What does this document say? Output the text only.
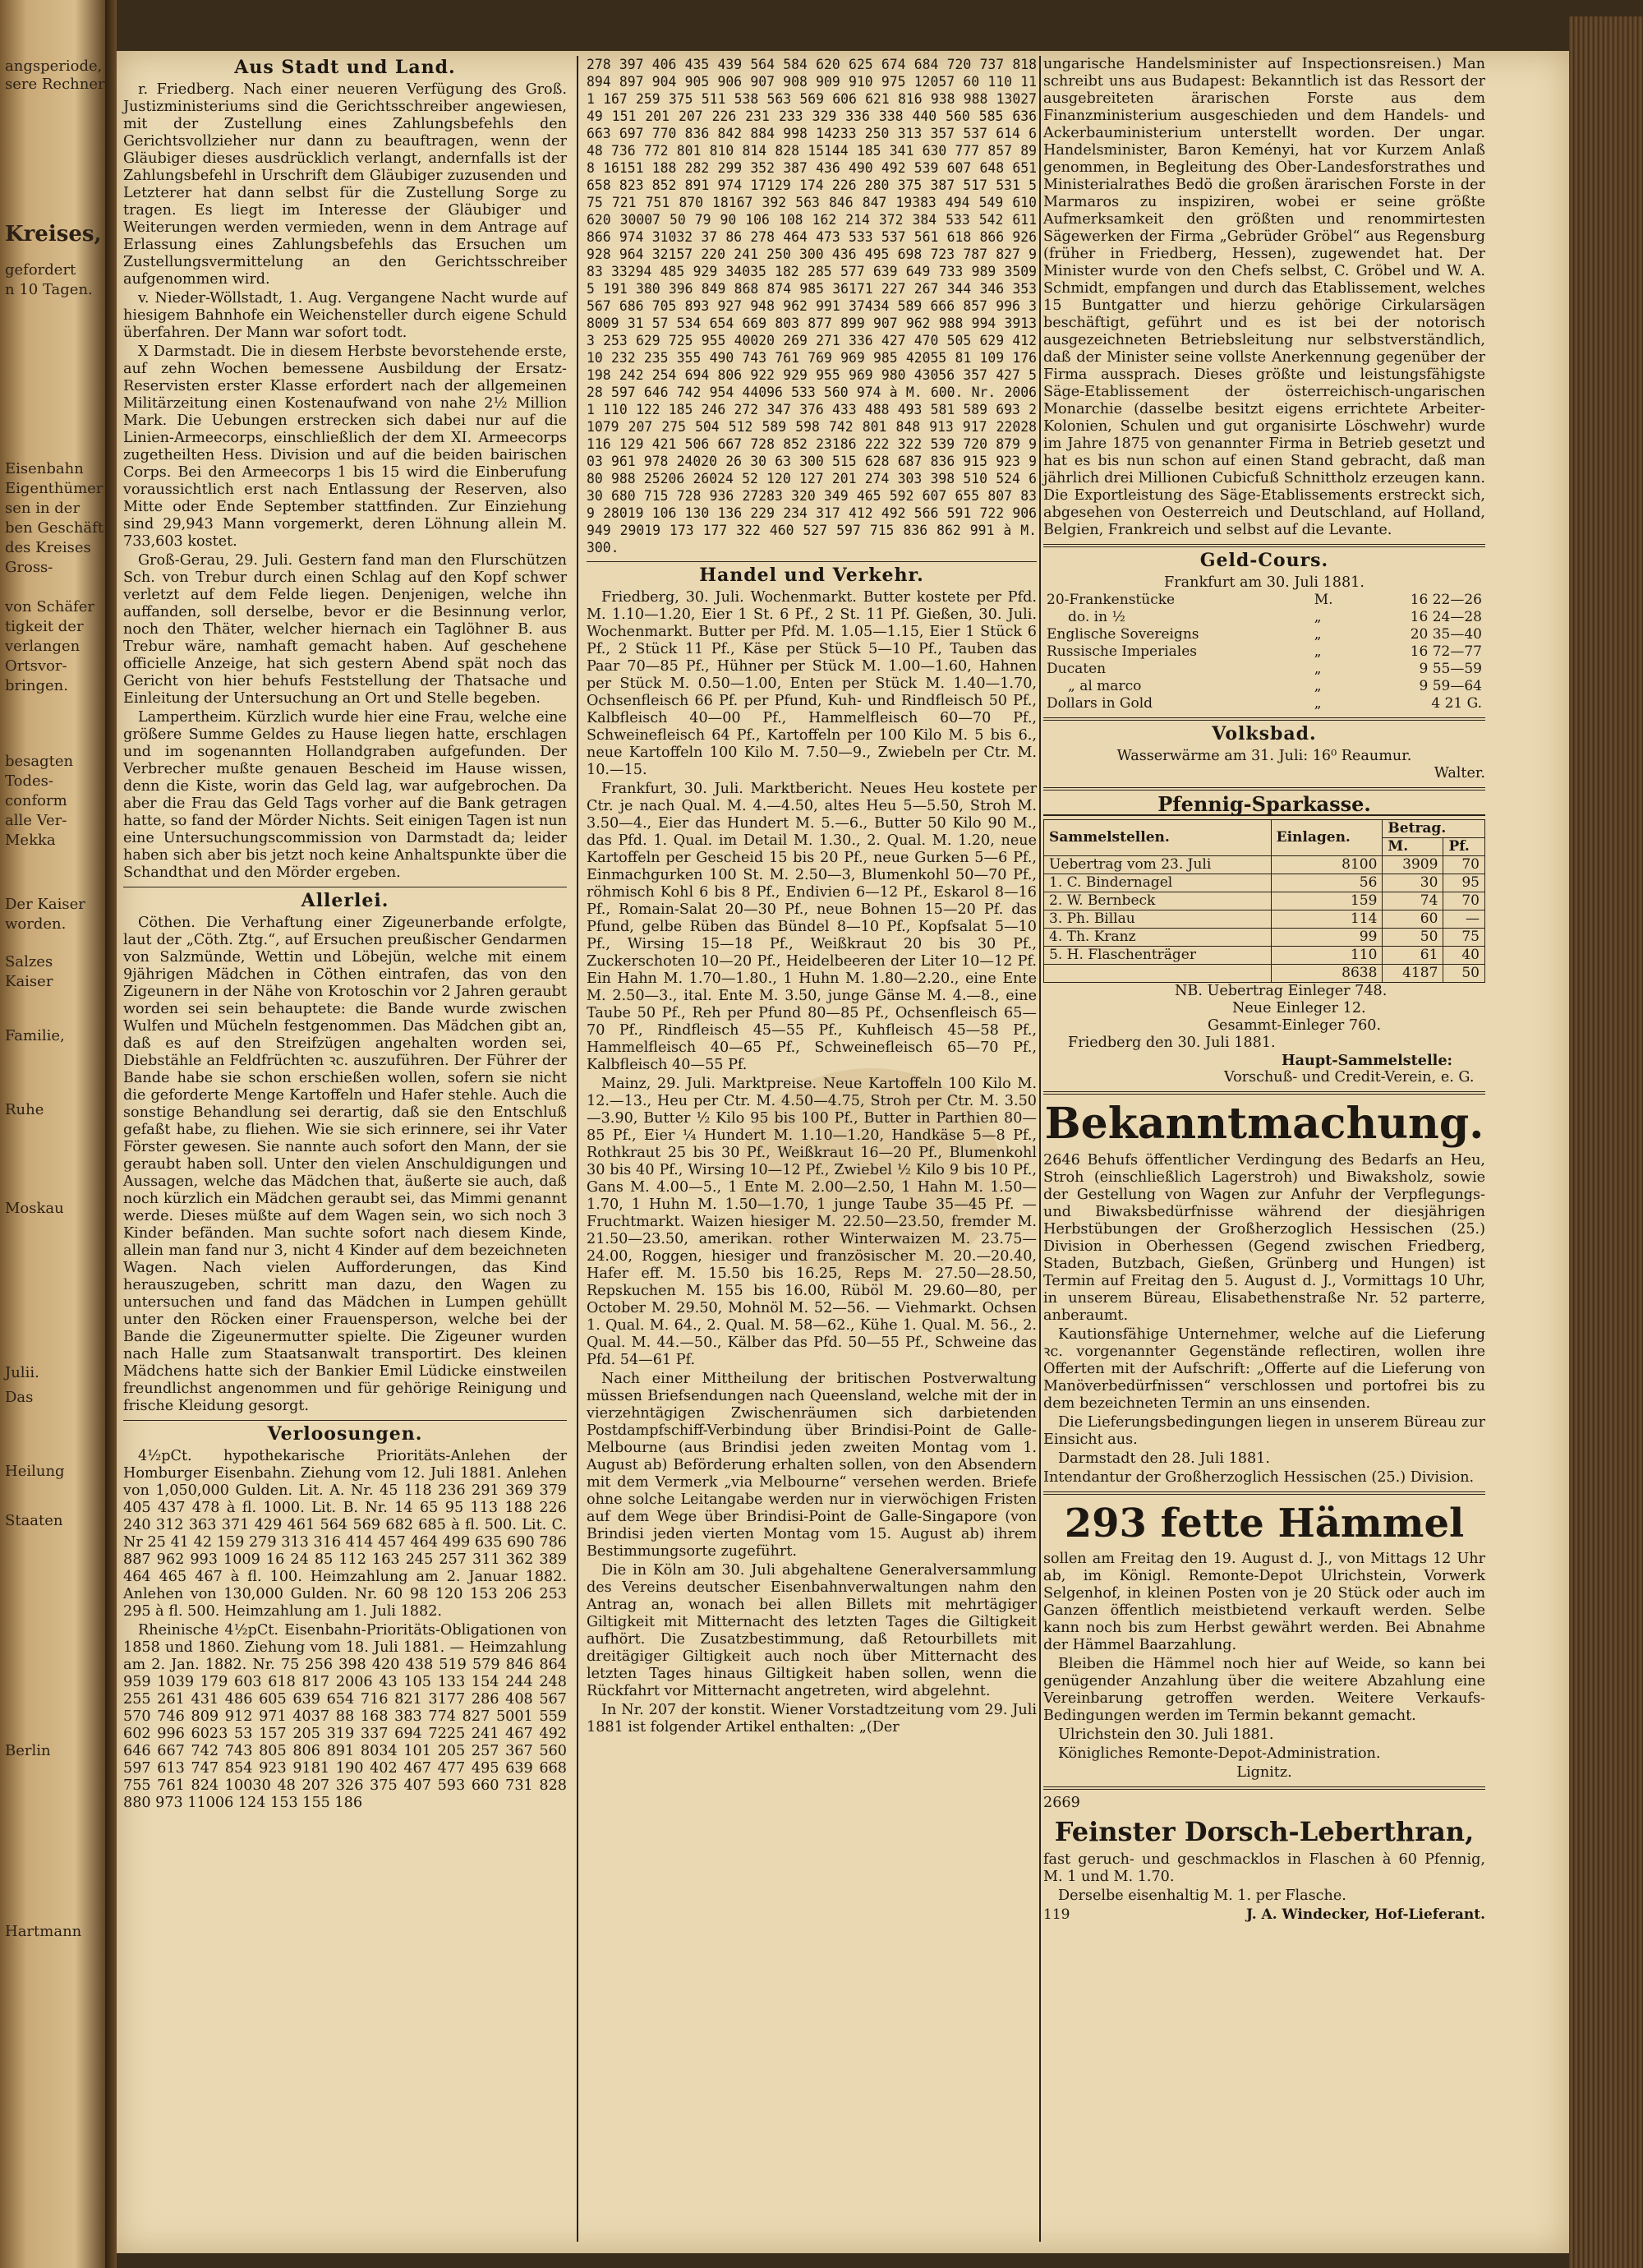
angsperiode,
sere Rechner
Kreises,
gefordert
n 10 Tagen.
Eisenbahn
Eigenthümer
sen in der
ben Geschäft
des Kreises
Gross-
von Schäfer
tigkeit der
verlangen
Ortsvor-
bringen.
besagten
Todes-
conform
alle Ver-
Mekka
Der Kaiser
worden.
Salzes
Kaiser
Familie,
Ruhe
Moskau
Julii.
Das
Heilung
Staaten
Berlin
Hartmann
Aus Stadt und Land.

r. Friedberg. Nach einer neueren Verfügung des Groß. Justizministeriums sind die Gerichtsschreiber angewiesen, mit der Zustellung eines Zahlungsbefehls den Gerichtsvollzieher nur dann zu beauftragen, wenn der Gläubiger dieses ausdrücklich verlangt, andernfalls ist der Zahlungsbefehl in Urschrift dem Gläubiger zuzusenden und Letzterer hat dann selbst für die Zustellung Sorge zu tragen. Es liegt im Interesse der Gläubiger und Weiterungen werden vermieden, wenn in dem Antrage auf Erlassung eines Zahlungsbefehls das Ersuchen um Zustellungsvermittelung an den Gerichtsschreiber aufgenommen wird.

v. Nieder-Wöllstadt, 1. Aug. Vergangene Nacht wurde auf hiesigem Bahnhofe ein Weichensteller durch eigene Schuld überfahren. Der Mann war sofort todt.

X Darmstadt. Die in diesem Herbste bevorstehende erste, auf zehn Wochen bemessene Ausbildung der Ersatz-Reservisten erster Klasse erfordert nach der allgemeinen Militärzeitung einen Kostenaufwand von nahe 2½ Million Mark. Die Uebungen erstrecken sich dabei nur auf die Linien-Armeecorps, einschließlich der dem XI. Armeecorps zugetheilten Hess. Division und auf die beiden bairischen Corps. Bei den Armeecorps 1 bis 15 wird die Einberufung voraussichtlich erst nach Entlassung der Reserven, also Mitte oder Ende September stattfinden. Zur Einziehung sind 29,943 Mann vorgemerkt, deren Löhnung allein M. 733,603 kostet.

Groß-Gerau, 29. Juli. Gestern fand man den Flurschützen Sch. von Trebur durch einen Schlag auf den Kopf schwer verletzt auf dem Felde liegen. Denjenigen, welche ihn auffanden, soll derselbe, bevor er die Besinnung verlor, noch den Thäter, welcher hiernach ein Taglöhner B. aus Trebur wäre, namhaft gemacht haben. Auf geschehene officielle Anzeige, hat sich gestern Abend spät noch das Gericht von hier behufs Feststellung der Thatsache und Einleitung der Untersuchung an Ort und Stelle begeben.

Lampertheim. Kürzlich wurde hier eine Frau, welche eine größere Summe Geldes zu Hause liegen hatte, erschlagen und im sogenannten Hollandgraben aufgefunden. Der Verbrecher mußte genauen Bescheid im Hause wissen, denn die Kiste, worin das Geld lag, war aufgebrochen. Da aber die Frau das Geld Tags vorher auf die Bank getragen hatte, so fand der Mörder Nichts. Seit einigen Tagen ist nun eine Untersuchungscommission von Darmstadt da; leider haben sich aber bis jetzt noch keine Anhaltspunkte über die Schandthat und den Mörder ergeben.

Allerlei.

Cöthen. Die Verhaftung einer Zigeunerbande erfolgte, laut der „Cöth. Ztg.“, auf Ersuchen preußischer Gendarmen von Salzmünde, Wettin und Löbejün, welche mit einem 9jährigen Mädchen in Cöthen eintrafen, das von den Zigeunern in der Nähe von Krotoschin vor 2 Jahren geraubt worden sei sein behauptete: die Bande wurde zwischen Wulfen und Mücheln festgenommen. Das Mädchen gibt an, daß es auf den Streifzügen angehalten worden sei, Diebstähle an Feldfrüchten ꝛc. auszuführen. Der Führer der Bande habe sie schon erschießen wollen, sofern sie nicht die geforderte Menge Kartoffeln und Hafer stehle. Auch die sonstige Behandlung sei derartig, daß sie den Entschluß gefaßt habe, zu fliehen. Wie sie sich erinnere, sei ihr Vater Förster gewesen. Sie nannte auch sofort den Mann, der sie geraubt haben soll. Unter den vielen Anschuldigungen und Aussagen, welche das Mädchen that, äußerte sie auch, daß noch kürzlich ein Mädchen geraubt sei, das Mimmi genannt werde. Dieses müßte auf dem Wagen sein, wo sich noch 3 Kinder befänden. Man suchte sofort nach diesem Kinde, allein man fand nur 3, nicht 4 Kinder auf dem bezeichneten Wagen. Nach vielen Aufforderungen, das Kind herauszugeben, schritt man dazu, den Wagen zu untersuchen und fand das Mädchen in Lumpen gehüllt unter den Röcken einer Frauensperson, welche bei der Bande die Zigeunermutter spielte. Die Zigeuner wurden nach Halle zum Staatsanwalt transportirt. Des kleinen Mädchens hatte sich der Bankier Emil Lüdicke einstweilen freundlichst angenommen und für gehörige Reinigung und frische Kleidung gesorgt.

Verloosungen.

4½pCt. hypothekarische Prioritäts-Anlehen der Homburger Eisenbahn. Ziehung vom 12. Juli 1881. Anlehen von 1,050,000 Gulden. Lit. A. Nr. 45 118 236 291 369 379 405 437 478 à fl. 1000. Lit. B. Nr. 14 65 95 113 188 226 240 312 363 371 429 461 564 569 682 685 à fl. 500. Lit. C. Nr 25 41 42 159 279 313 316 414 457 464 499 635 690 786 887 962 993 1009 16 24 85 112 163 245 257 311 362 389 464 465 467 à fl. 100. Heimzahlung am 2. Januar 1882. Anlehen von 130,000 Gulden. Nr. 60 98 120 153 206 253 295 à fl. 500. Heimzahlung am 1. Juli 1882.

Rheinische 4½pCt. Eisenbahn-Prioritäts-Obligationen von 1858 und 1860. Ziehung vom 18. Juli 1881. — Heimzahlung am 2. Jan. 1882. Nr. 75 256 398 420 438 519 579 846 864 959 1039 179 603 618 817 2006 43 105 133 154 244 248 255 261 431 486 605 639 654 716 821 3177 286 408 567 570 746 809 912 971 4037 88 168 383 774 827 5001 559 602 996 6023 53 157 205 319 337 694 7225 241 467 492 646 667 742 743 805 806 891 8034 101 205 257 367 560 597 613 747 854 923 9181 190 402 467 477 495 639 668 755 761 824 10030 48 207 326 375 407 593 660 731 828 880 973 11006 124 153 155 186

278 397 406 435 439 564 584 620 625 674 684 720 737 818 894 897 904 905 906 907 908 909 910 975 12057 60 110 111 167 259 375 511 538 563 569 606 621 816 938 988 13027 49 151 201 207 226 231 233 329 336 338 440 560 585 636 663 697 770 836 842 884 998 14233 250 313 357 537 614 648 736 772 801 810 814 828 15144 185 341 630 777 857 898 16151 188 282 299 352 387 436 490 492 539 607 648 651 658 823 852 891 974 17129 174 226 280 375 387 517 531 575 721 751 870 18167 392 563 846 847 19383 494 549 610 620 30007 50 79 90 106 108 162 214 372 384 533 542 611 866 974 31032 37 86 278 464 473 533 537 561 618 866 926 928 964 32157 220 241 250 300 436 495 698 723 787 827 983 33294 485 929 34035 182 285 577 639 649 733 989 35095 191 380 396 849 868 874 985 36171 227 267 344 346 353 567 686 705 893 927 948 962 991 37434 589 666 857 996 38009 31 57 534 654 669 803 877 899 907 962 988 994 39133 253 629 725 955 40020 269 271 336 427 470 505 629 41210 232 235 355 490 743 761 769 969 985 42055 81 109 176 198 242 254 694 806 922 929 955 969 980 43056 357 427 528 597 646 742 954 44096 533 560 974 à M. 600. Nr. 20061 110 122 185 246 272 347 376 433 488 493 581 589 693 21079 207 275 504 512 589 598 742 801 848 913 917 22028 116 129 421 506 667 728 852 23186 222 322 539 720 879 903 961 978 24020 26 30 63 300 515 628 687 836 915 923 980 988 25206 26024 52 120 127 201 274 303 398 510 524 630 680 715 728 936 27283 320 349 465 592 607 655 807 839 28019 106 130 136 229 234 317 412 492 566 591 722 906 949 29019 173 177 322 460 527 597 715 836 862 991 à M. 300.
Handel und Verkehr.

Friedberg, 30. Juli. Wochenmarkt. Butter kostete per Pfd. M. 1.10—1.20, Eier 1 St. 6 Pf., 2 St. 11 Pf. Gießen, 30. Juli. Wochenmarkt. Butter per Pfd. M. 1.05—1.15, Eier 1 Stück 6 Pf., 2 Stück 11 Pf., Käse per Stück 5—10 Pf., Tauben das Paar 70—85 Pf., Hühner per Stück M. 1.00—1.60, Hahnen per Stück M. 0.50—1.00, Enten per Stück M. 1.40—1.70, Ochsenfleisch 66 Pf. per Pfund, Kuh- und Rindfleisch 50 Pf., Kalbfleisch 40—00 Pf., Hammelfleisch 60—70 Pf., Schweinefleisch 64 Pf., Kartoffeln per 100 Kilo M. 5 bis 6., neue Kartoffeln 100 Kilo M. 7.50—9., Zwiebeln per Ctr. M. 10.—15.

Frankfurt, 30. Juli. Marktbericht. Neues Heu kostete per Ctr. je nach Qual. M. 4.—4.50, altes Heu 5—5.50, Stroh M. 3.50—4., Eier das Hundert M. 5.—6., Butter 50 Kilo 90 M., das Pfd. 1. Qual. im Detail M. 1.30., 2. Qual. M. 1.20, neue Kartoffeln per Gescheid 15 bis 20 Pf., neue Gurken 5—6 Pf., Einmachgurken 100 St. M. 2.50—3, Blumenkohl 50—70 Pf., röhmisch Kohl 6 bis 8 Pf., Endivien 6—12 Pf., Eskarol 8—16 Pf., Romain-Salat 20—30 Pf., neue Bohnen 15—20 Pf. das Pfund, gelbe Rüben das Bündel 8—10 Pf., Kopfsalat 5—10 Pf., Wirsing 15—18 Pf., Weißkraut 20 bis 30 Pf., Zuckerschoten 10—20 Pf., Heidelbeeren der Liter 10—12 Pf. Ein Hahn M. 1.70—1.80., 1 Huhn M. 1.80—2.20., eine Ente M. 2.50—3., ital. Ente M. 3.50, junge Gänse M. 4.—8., eine Taube 50 Pf., Reh per Pfund 80—85 Pf., Ochsenfleisch 65—70 Pf., Rindfleisch 45—55 Pf., Kuhfleisch 45—58 Pf., Hammelfleisch 40—65 Pf., Schweinefleisch 65—70 Pf., Kalbfleisch 40—55 Pf.

Mainz, 29. Juli. Marktpreise. Neue Kartoffeln 100 Kilo M. 12.—13., Heu per Ctr. M. 4.50—4.75, Stroh per Ctr. M. 3.50—3.90, Butter ½ Kilo 95 bis 100 Pf., Butter in Parthien 80—85 Pf., Eier ¼ Hundert M. 1.10—1.20, Handkäse 5—8 Pf., Rothkraut 25 bis 30 Pf., Weißkraut 16—20 Pf., Blumenkohl 30 bis 40 Pf., Wirsing 10—12 Pf., Zwiebel ½ Kilo 9 bis 10 Pf., Gans M. 4.00—5., 1 Ente M. 2.00—2.50, 1 Hahn M. 1.50—1.70, 1 Huhn M. 1.50—1.70, 1 junge Taube 35—45 Pf. — Fruchtmarkt. Waizen hiesiger M. 22.50—23.50, fremder M. 21.50—23.50, amerikan. rother Winterwaizen M. 23.75—24.00, Roggen, hiesiger und französischer M. 20.—20.40, Hafer eff. M. 15.50 bis 16.25, Reps M. 27.50—28.50, Repskuchen M. 155 bis 16.00, Rüböl M. 29.60—80, per October M. 29.50, Mohnöl M. 52—56. — Viehmarkt. Ochsen 1. Qual. M. 64., 2. Qual. M. 58—62., Kühe 1. Qual. M. 56., 2. Qual. M. 44.—50., Kälber das Pfd. 50—55 Pf., Schweine das Pfd. 54—61 Pf.

Nach einer Mittheilung der britischen Postverwaltung müssen Briefsendungen nach Queensland, welche mit der in vierzehntägigen Zwischenräumen sich darbietenden Postdampfschiff-Verbindung über Brindisi-Point de Galle-Melbourne (aus Brindisi jeden zweiten Montag vom 1. August ab) Beförderung erhalten sollen, von den Absendern mit dem Vermerk „via Melbourne“ versehen werden. Briefe ohne solche Leitangabe werden nur in vierwöchigen Fristen auf dem Wege über Brindisi-Point de Galle-Singapore (von Brindisi jeden vierten Montag vom 15. August ab) ihrem Bestimmungsorte zugeführt.

Die in Köln am 30. Juli abgehaltene Generalversammlung des Vereins deutscher Eisenbahnverwaltungen nahm den Antrag an, wonach bei allen Billets mit mehrtägiger Giltigkeit mit Mitternacht des letzten Tages die Giltigkeit aufhört. Die Zusatzbestimmung, daß Retourbillets mit dreitägiger Giltigkeit auch noch über Mitternacht des letzten Tages hinaus Giltigkeit haben sollen, wenn die Rückfahrt vor Mitternacht angetreten, wird abgelehnt.

In Nr. 207 der konstit. Wiener Vorstadtzeitung vom 29. Juli 1881 ist folgender Artikel enthalten: „(Der

ungarische Handelsminister auf Inspectionsreisen.) Man schreibt uns aus Budapest: Bekanntlich ist das Ressort der ausgebreiteten ärarischen Forste aus dem Finanzministerium ausgeschieden und dem Handels- und Ackerbauministerium unterstellt worden. Der ungar. Handelsminister, Baron Keményi, hat vor Kurzem Anlaß genommen, in Begleitung des Ober-Landesforstrathes und Ministerialrathes Bedö die großen ärarischen Forste in der Marmaros zu inspiziren, wobei er seine größte Aufmerksamkeit den größten und renommirtesten Sägewerken der Firma „Gebrüder Gröbel“ aus Regensburg (früher in Friedberg, Hessen), zugewendet hat. Der Minister wurde von den Chefs selbst, C. Gröbel und W. A. Schmidt, empfangen und durch das Etablissement, welches 15 Buntgatter und hierzu gehörige Cirkularsägen beschäftigt, geführt und es ist bei der notorisch ausgezeichneten Betriebsleitung nur selbstverständlich, daß der Minister seine vollste Anerkennung gegenüber der Firma aussprach. Dieses größte und leistungsfähigste Säge-Etablissement der österreichisch-ungarischen Monarchie (dasselbe besitzt eigens errichtete Arbeiter-Kolonien, Schulen und gut organisirte Löschwehr) wurde im Jahre 1875 von genannter Firma in Betrieb gesetzt und hat es bis nun schon auf einen Stand gebracht, daß man jährlich drei Millionen Cubicfuß Schnittholz erzeugen kann. Die Exportleistung des Säge-Etablissements erstreckt sich, abgesehen von Oesterreich und Deutschland, auf Holland, Belgien, Frankreich und selbst auf die Levante.

Geld-Cours.
Frankfurt am 30. Juli 1881.
20-Frankenstücke	M.	16 22—26
do. in ½	„	16 24—28
Englische Sovereigns	„	20 35—40
Russische Imperiales	„	16 72—77
Ducaten	„	9 55—59
„ al marco	„	9 59—64
Dollars in Gold	„	4 21 G.
Volksbad.
Wasserwärme am 31. Juli: 16⁰ Reaumur.
Walter.
Pfennig-Sparkasse.
Sammelstellen.	Einlagen.	Betrag.	
		M.	Pf.
Uebertrag vom 23. Juli	8100	3909	70
1. C. Bindernagel	56	30	95
2. W. Bernbeck	159	74	70
3. Ph. Billau	114	60	—
4. Th. Kranz	99	50	75
5. H. Flaschenträger	110	61	40
	8638	4187	50
NB. Uebertrag Einleger 748.
Neue Einleger 12.
Gesammt-Einleger 760.
Friedberg den 30. Juli 1881.
Haupt-Sammelstelle:
Vorschuß- und Credit-Verein, e. G.
Bekanntmachung.

2646 Behufs öffentlicher Verdingung des Bedarfs an Heu, Stroh (einschließlich Lagerstroh) und Biwaksholz, sowie der Gestellung von Wagen zur Anfuhr der Verpflegungs- und Biwaksbedürfnisse während der diesjährigen Herbstübungen der Großherzoglich Hessischen (25.) Division in Oberhessen (Gegend zwischen Friedberg, Staden, Butzbach, Gießen, Grünberg und Hungen) ist Termin auf Freitag den 5. August d. J., Vormittags 10 Uhr, in unserem Büreau, Elisabethenstraße Nr. 52 parterre, anberaumt.

Kautionsfähige Unternehmer, welche auf die Lieferung ꝛc. vorgenannter Gegenstände reflectiren, wollen ihre Offerten mit der Aufschrift: „Offerte auf die Lieferung von Manöverbedürfnissen“ verschlossen und portofrei bis zu dem bezeichneten Termin an uns einsenden.

Die Lieferungsbedingungen liegen in unserem Büreau zur Einsicht aus.

Darmstadt den 28. Juli 1881.

Intendantur der Großherzoglich Hessischen (25.) Division.

293 fette Hämmel

sollen am Freitag den 19. August d. J., von Mittags 12 Uhr ab, im Königl. Remonte-Depot Ulrichstein, Vorwerk Selgenhof, in kleinen Posten von je 20 Stück oder auch im Ganzen öffentlich meistbietend verkauft werden. Selbe kann noch bis zum Herbst gewährt werden. Bei Abnahme der Hämmel Baarzahlung.

Bleiben die Hämmel noch hier auf Weide, so kann bei genügender Anzahlung über die weitere Abzahlung eine Vereinbarung getroffen werden. Weitere Verkaufs-Bedingungen werden im Termin bekannt gemacht.

Ulrichstein den 30. Juli 1881.

Königliches Remonte-Depot-Administration.

Lignitz.
2669
Feinster Dorsch-Leberthran,

fast geruch- und geschmacklos in Flaschen à 60 Pfennig, M. 1 und M. 1.70.

Derselbe eisenhaltig M. 1. per Flasche.

119	J. A. Windecker, Hof-Lieferant.
